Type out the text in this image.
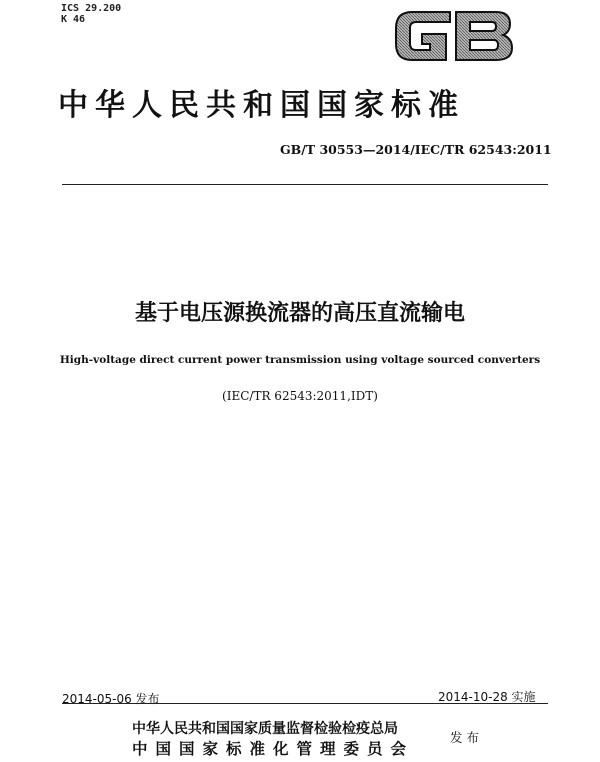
ICS 29.200
K 46
中华人民共和国国家标准
GB/T 30553—2014/IEC/TR 62543:2011
基于电压源换流器的高压直流输电
High-voltage direct current power transmission using voltage sourced converters
(IEC/TR 62543:2011,IDT)
2014-05-06 发布	2014-10-28 实施
中华人民共和国国家质量监督检验检疫总局
中国国家标准化管理委员会
发布
